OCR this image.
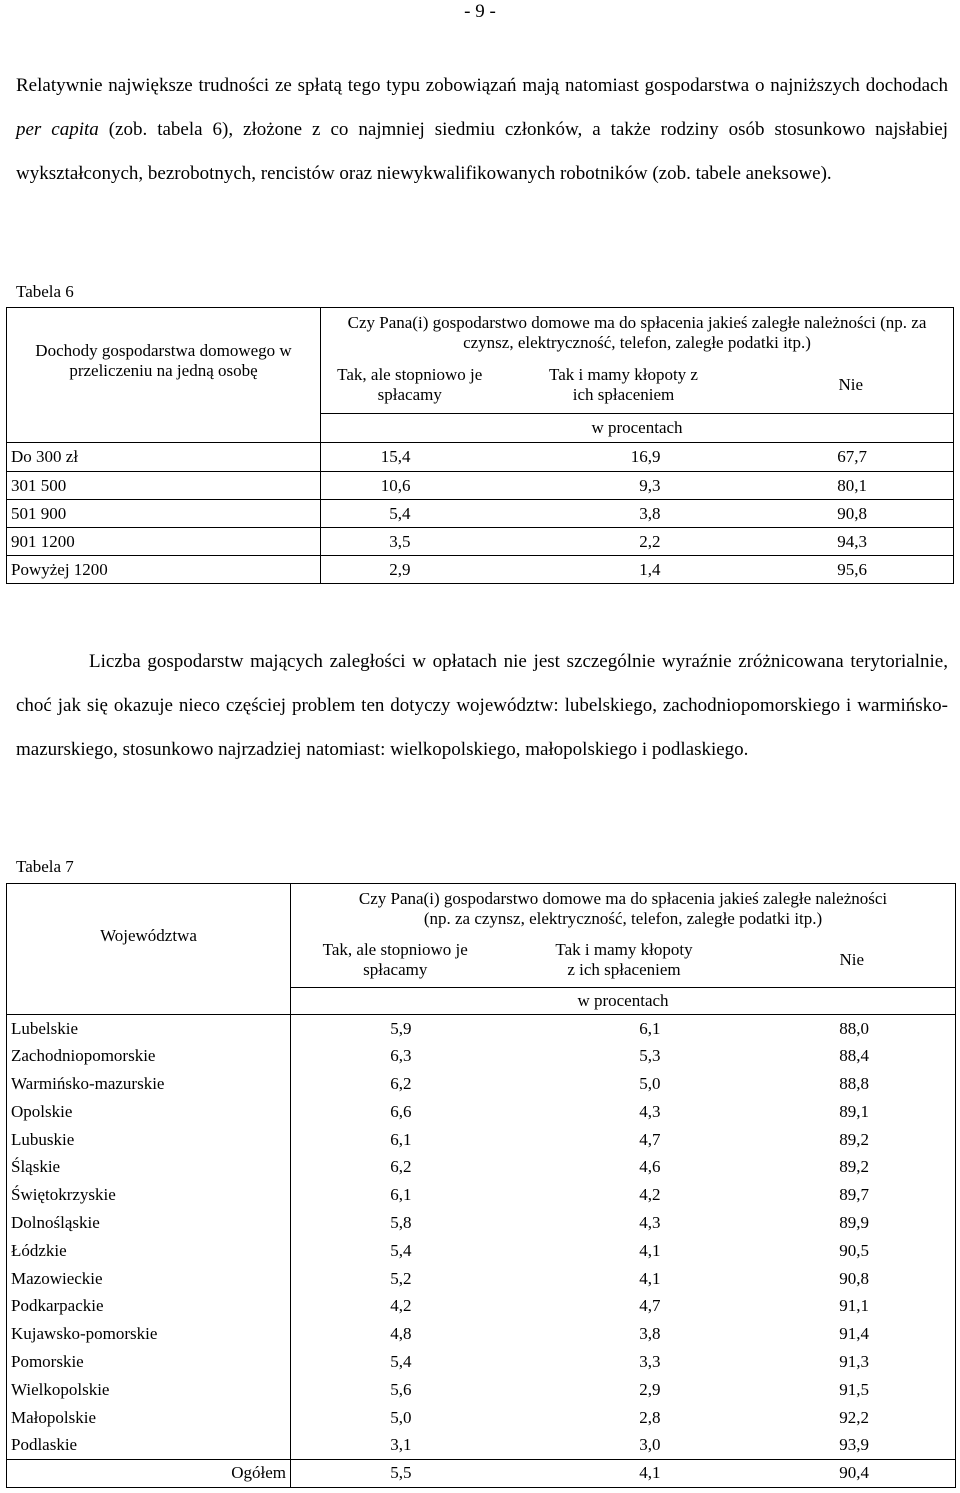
- 9 -

Relatywnie największe trudności ze spłatą tego typu zobowiązań mają natomiast gospodarstwa o najniższych dochodach per capita (zob. tabela 6), złożone z co najmniej siedmiu członków, a także rodziny osób stosunkowo najsłabiej wykształconych, bezrobotnych, rencistów oraz niewykwalifikowanych robotników (zob. tabele aneksowe).

Tabela 6
Dochody gospodarstwa domowego w przeliczeniu na jedną osobę	Czy Pana(i) gospodarstwo domowe ma do spłacenia jakieś zaległe należności (np. za czynsz, elektryczność, telefon, zaległe podatki itp.)		
	Tak, ale stopniowo je spłacamy	Tak i mamy kłopoty z ich spłaceniem	Nie
	w procentach		
Do 300 zł	15,4	16,9	67,7
301 500	10,6	9,3	80,1
501 900	5,4	3,8	90,8
901 1200	3,5	2,2	94,3
Powyżej 1200	2,9	1,4	95,6

Liczba gospodarstw mających zaległości w opłatach nie jest szczególnie wyraźnie zróżnicowana terytorialnie, choć jak się okazuje nieco częściej problem ten dotyczy województw: lubelskiego, zachodniopomorskiego i warmińsko-mazurskiego, stosunkowo najrzadziej natomiast: wielkopolskiego, małopolskiego i podlaskiego.

Tabela 7
Województwa	Czy Pana(i) gospodarstwo domowe ma do spłacenia jakieś zaległe należności
(np. za czynsz, elektryczność, telefon, zaległe podatki itp.)		

	Tak, ale stopniowo je spłacamy	Tak i mamy kłopoty
z ich spłaceniem	Nie
	w procentach		
Lubelskie	5,9	6,1	88,0
Zachodniopomorskie	6,3	5,3	88,4
Warmińsko-mazurskie	6,2	5,0	88,8
Opolskie	6,6	4,3	89,1
Lubuskie	6,1	4,7	89,2
Śląskie	6,2	4,6	89,2
Świętokrzyskie	6,1	4,2	89,7
Dolnośląskie	5,8	4,3	89,9
Łódzkie	5,4	4,1	90,5
Mazowieckie	5,2	4,1	90,8
Podkarpackie	4,2	4,7	91,1
Kujawsko-pomorskie	4,8	3,8	91,4
Pomorskie	5,4	3,3	91,3
Wielkopolskie	5,6	2,9	91,5
Małopolskie	5,0	2,8	92,2
Podlaskie	3,1	3,0	93,9
Ogółem	5,5	4,1	90,4
